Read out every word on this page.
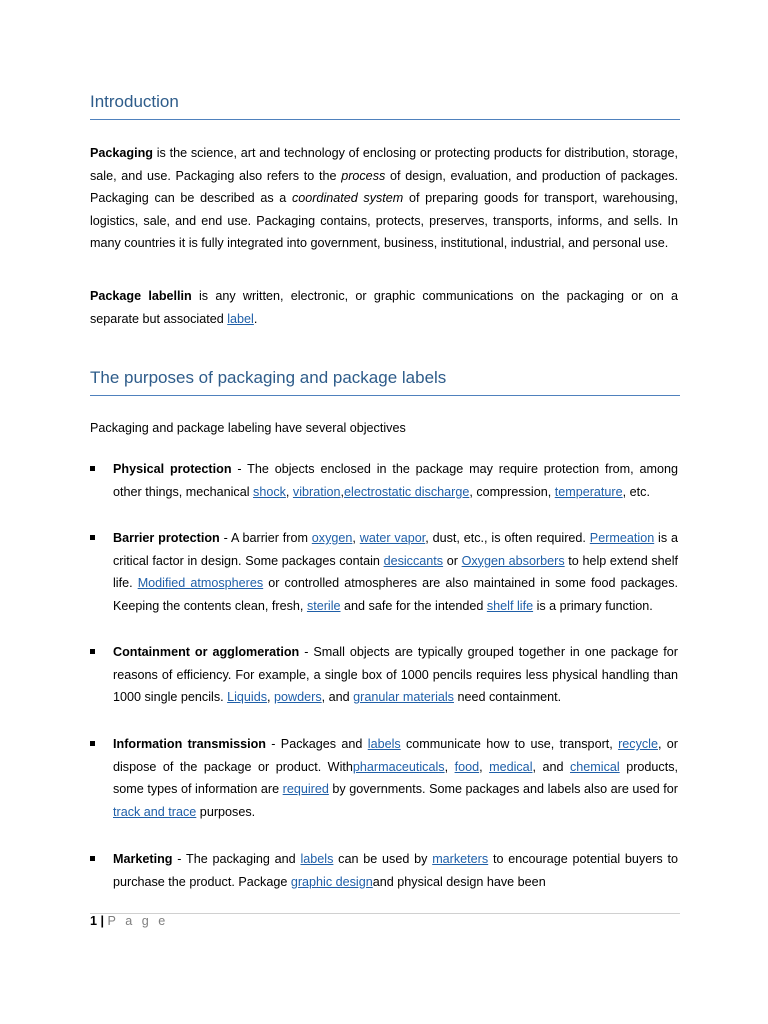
Introduction

Packaging is the science, art and technology of enclosing or protecting products for distribution, storage, sale, and use. Packaging also refers to the process of design, evaluation, and production of packages. Packaging can be described as a coordinated system of preparing goods for transport, warehousing, logistics, sale, and end use. Packaging contains, protects, preserves, transports, informs, and sells. In many countries it is fully integrated into government, business, institutional, industrial, and personal use.

Package labellin is any written, electronic, or graphic communications on the packaging or on a separate but associated label.

The purposes of packaging and package labels

Packaging and package labeling have several objectives

Physical protection - The objects enclosed in the package may require protection from, among other things, mechanical shock, vibration,electrostatic discharge, compression, temperature, etc.
Barrier protection - A barrier from oxygen, water vapor, dust, etc., is often required. Permeation is a critical factor in design. Some packages contain desiccants or Oxygen absorbers to help extend shelf life. Modified atmospheres or controlled atmospheres are also maintained in some food packages. Keeping the contents clean, fresh, sterile and safe for the intended shelf life is a primary function.
Containment or agglomeration - Small objects are typically grouped together in one package for reasons of efficiency. For example, a single box of 1000 pencils requires less physical handling than 1000 single pencils. Liquids, powders, and granular materials need containment.
Information transmission - Packages and labels communicate how to use, transport, recycle, or dispose of the package or product. Withpharmaceuticals, food, medical, and chemical products, some types of information are required by governments. Some packages and labels also are used for track and trace purposes.
Marketing - The packaging and labels can be used by marketers to encourage potential buyers to purchase the product. Package graphic designand physical design have been
1 | P a g e
